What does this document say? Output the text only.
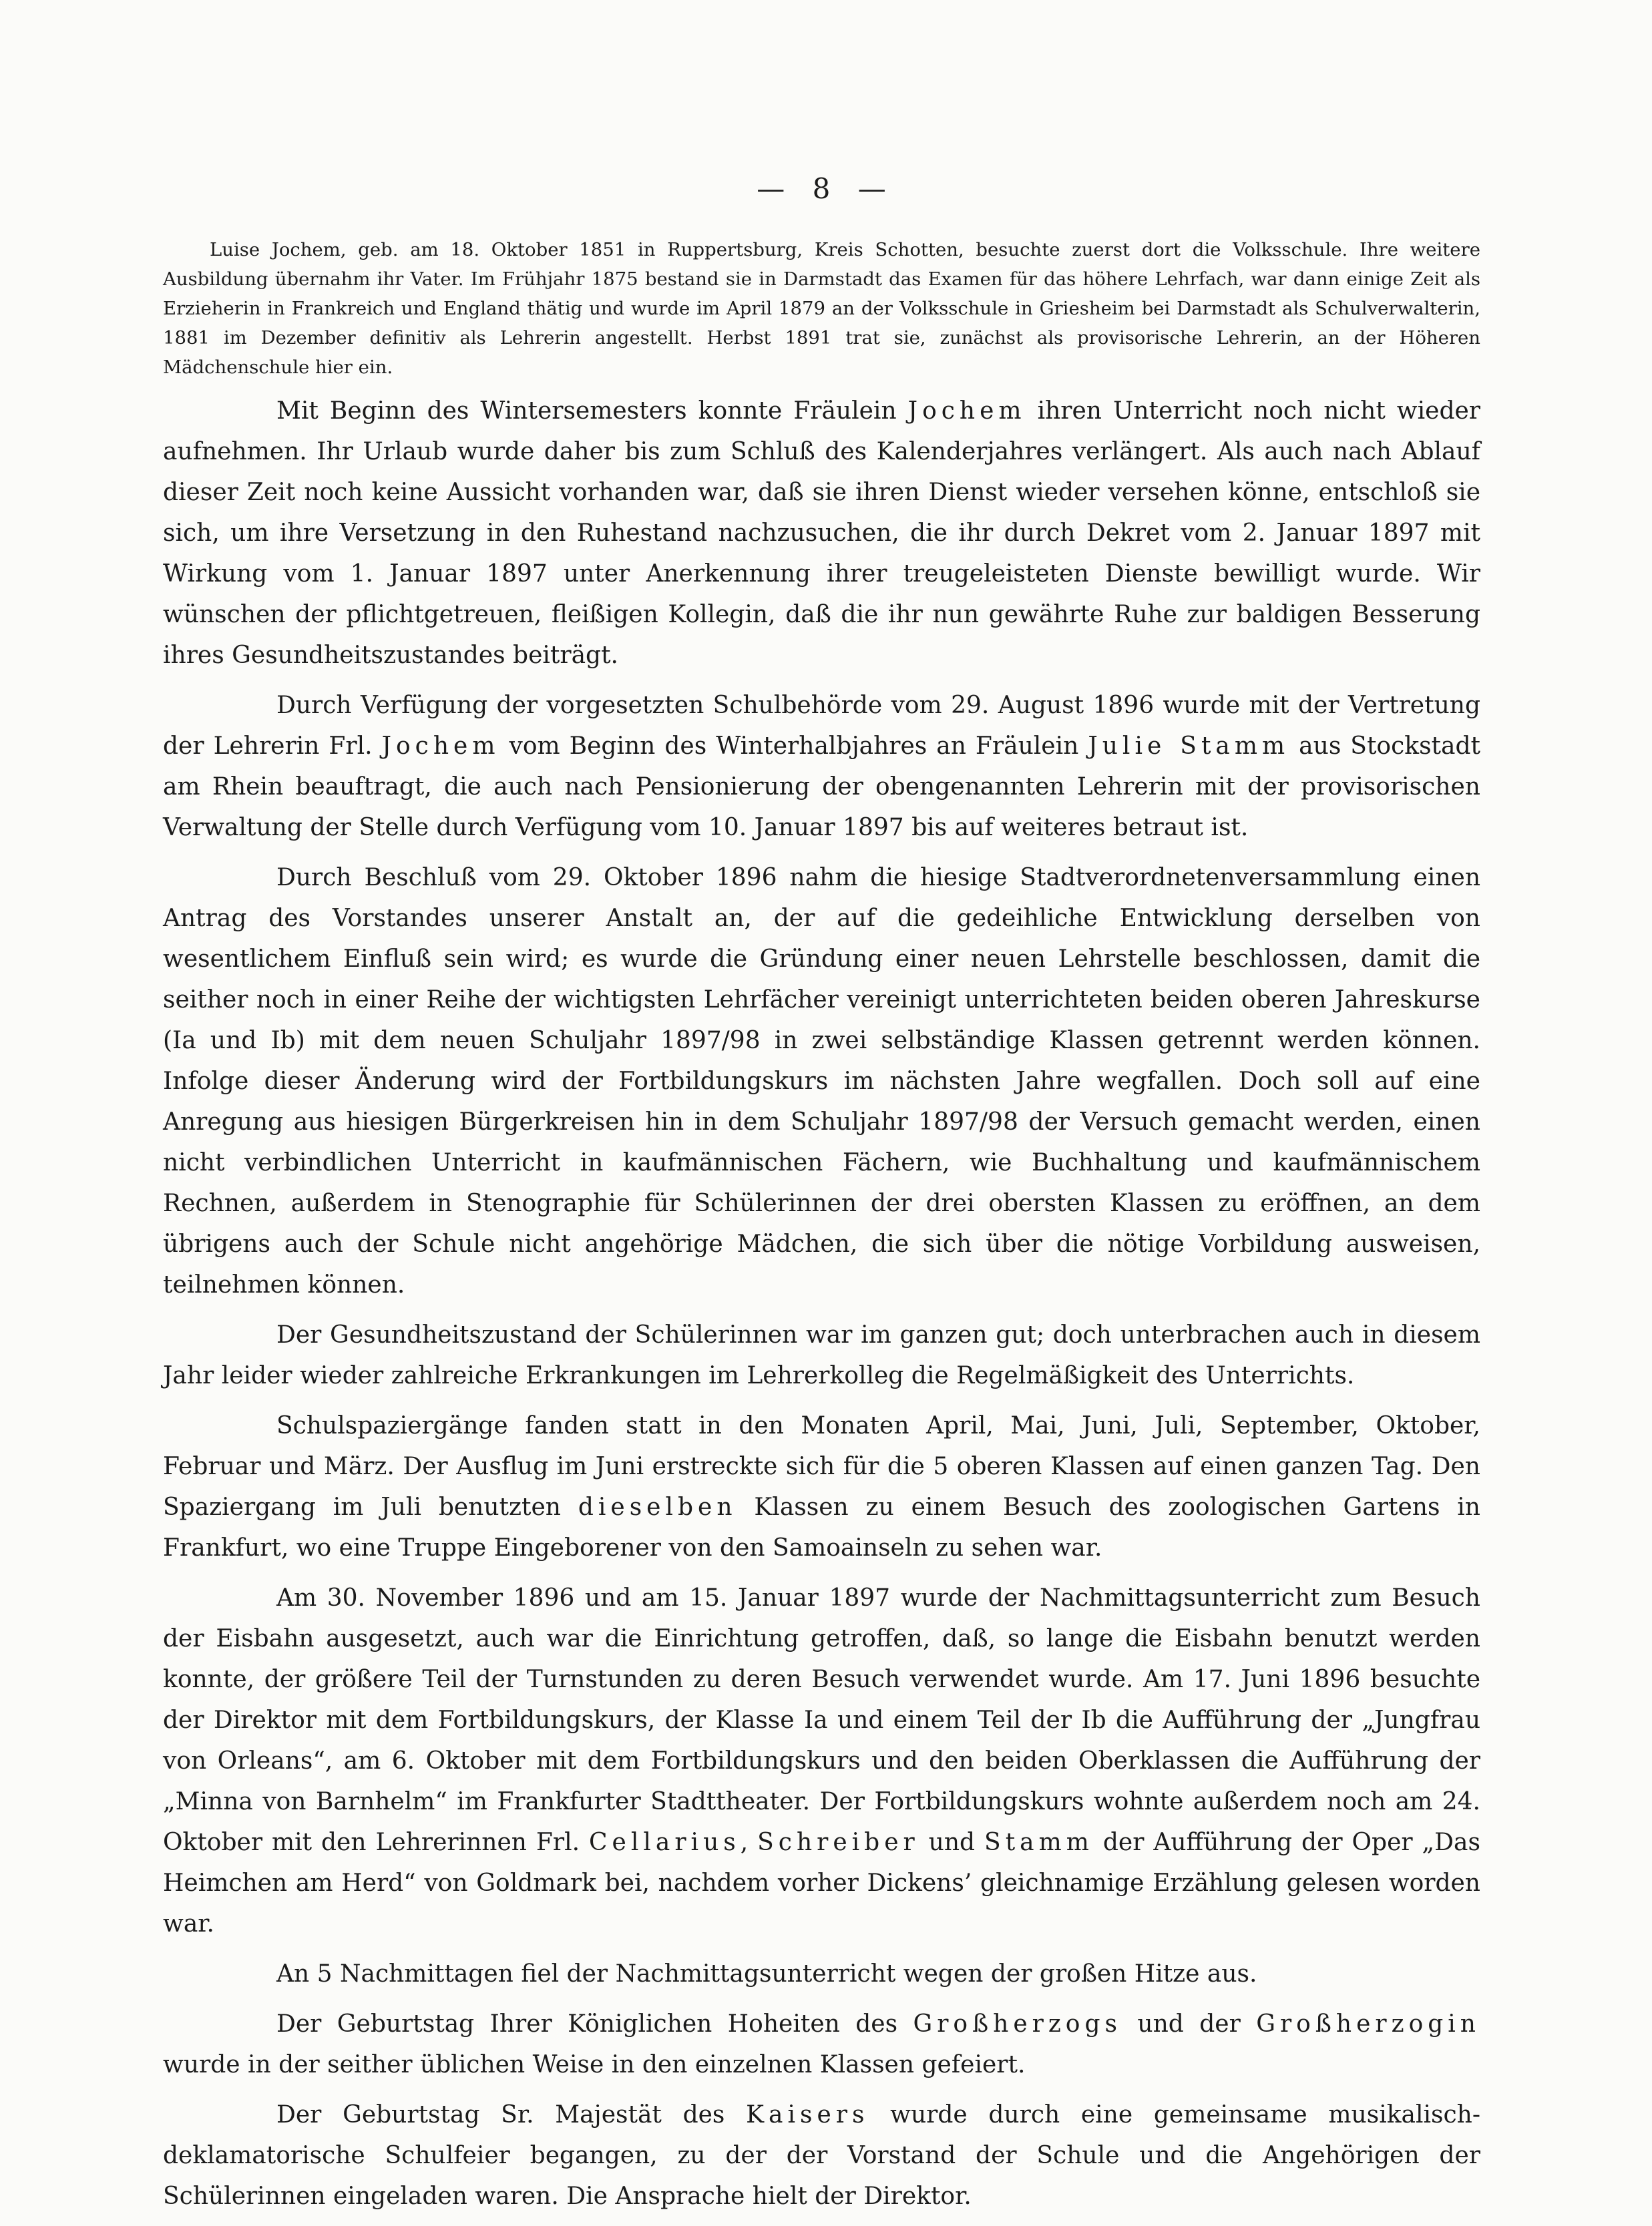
— 8 —

Luise Jochem, geb. am 18. Oktober 1851 in Ruppertsburg, Kreis Schotten, besuchte zuerst dort die Volksschule. Ihre weitere Ausbildung übernahm ihr Vater. Im Frühjahr 1875 bestand sie in Darmstadt das Examen für das höhere Lehrfach, war dann einige Zeit als Erzieherin in Frankreich und England thätig und wurde im April 1879 an der Volksschule in Griesheim bei Darmstadt als Schulverwalterin, 1881 im Dezember definitiv als Lehrerin angestellt. Herbst 1891 trat sie, zunächst als provisorische Lehrerin, an der Höheren Mädchenschule hier ein.

Mit Beginn des Wintersemesters konnte Fräulein Jochem ihren Unterricht noch nicht wieder aufnehmen. Ihr Urlaub wurde daher bis zum Schluß des Kalenderjahres verlängert. Als auch nach Ablauf dieser Zeit noch keine Aussicht vorhanden war, daß sie ihren Dienst wieder versehen könne, entschloß sie sich, um ihre Versetzung in den Ruhestand nachzusuchen, die ihr durch Dekret vom 2. Januar 1897 mit Wirkung vom 1. Januar 1897 unter Anerkennung ihrer treugeleisteten Dienste bewilligt wurde. Wir wünschen der pflichtgetreuen, fleißigen Kollegin, daß die ihr nun gewährte Ruhe zur baldigen Besserung ihres Gesundheitszustandes beiträgt.

Durch Verfügung der vorgesetzten Schulbehörde vom 29. August 1896 wurde mit der Vertretung der Lehrerin Frl. Jochem vom Beginn des Winterhalbjahres an Fräulein Julie Stamm aus Stockstadt am Rhein beauftragt, die auch nach Pensionierung der obengenannten Lehrerin mit der provisorischen Verwaltung der Stelle durch Verfügung vom 10. Januar 1897 bis auf weiteres betraut ist.

Durch Beschluß vom 29. Oktober 1896 nahm die hiesige Stadtverordnetenversammlung einen Antrag des Vorstandes unserer Anstalt an, der auf die gedeihliche Entwicklung derselben von wesentlichem Einfluß sein wird; es wurde die Gründung einer neuen Lehrstelle beschlossen, damit die seither noch in einer Reihe der wichtigsten Lehrfächer vereinigt unterrichteten beiden oberen Jahreskurse (Ia und Ib) mit dem neuen Schuljahr 1897/98 in zwei selbständige Klassen getrennt werden können. Infolge dieser Änderung wird der Fortbildungskurs im nächsten Jahre wegfallen. Doch soll auf eine Anregung aus hiesigen Bürgerkreisen hin in dem Schuljahr 1897/98 der Versuch gemacht werden, einen nicht verbindlichen Unterricht in kaufmännischen Fächern, wie Buchhaltung und kaufmännischem Rechnen, außerdem in Stenographie für Schülerinnen der drei obersten Klassen zu eröffnen, an dem übrigens auch der Schule nicht angehörige Mädchen, die sich über die nötige Vorbildung ausweisen, teilnehmen können.

Der Gesundheitszustand der Schülerinnen war im ganzen gut; doch unterbrachen auch in diesem Jahr leider wieder zahlreiche Erkrankungen im Lehrerkolleg die Regelmäßigkeit des Unterrichts.

Schulspaziergänge fanden statt in den Monaten April, Mai, Juni, Juli, September, Oktober, Februar und März. Der Ausflug im Juni erstreckte sich für die 5 oberen Klassen auf einen ganzen Tag. Den Spaziergang im Juli benutzten dieselben Klassen zu einem Besuch des zoologischen Gartens in Frankfurt, wo eine Truppe Eingeborener von den Samoainseln zu sehen war.

Am 30. November 1896 und am 15. Januar 1897 wurde der Nachmittagsunterricht zum Besuch der Eisbahn ausgesetzt, auch war die Einrichtung getroffen, daß, so lange die Eisbahn benutzt werden konnte, der größere Teil der Turnstunden zu deren Besuch verwendet wurde. Am 17. Juni 1896 besuchte der Direktor mit dem Fortbildungskurs, der Klasse Ia und einem Teil der Ib die Aufführung der „Jungfrau von Orleans“, am 6. Oktober mit dem Fortbildungskurs und den beiden Oberklassen die Aufführung der „Minna von Barnhelm“ im Frankfurter Stadttheater. Der Fortbildungskurs wohnte außerdem noch am 24. Oktober mit den Lehrerinnen Frl. Cellarius, Schreiber und Stamm der Aufführung der Oper „Das Heimchen am Herd“ von Goldmark bei, nachdem vorher Dickens’ gleichnamige Erzählung gelesen worden war.

An 5 Nachmittagen fiel der Nachmittagsunterricht wegen der großen Hitze aus.

Der Geburtstag Ihrer Königlichen Hoheiten des Großherzogs und der Großherzogin wurde in der seither üblichen Weise in den einzelnen Klassen gefeiert.

Der Geburtstag Sr. Majestät des Kaisers wurde durch eine gemeinsame musikalisch-deklamatorische Schulfeier begangen, zu der der Vorstand der Schule und die Angehörigen der Schülerinnen eingeladen waren. Die Ansprache hielt der Direktor.
